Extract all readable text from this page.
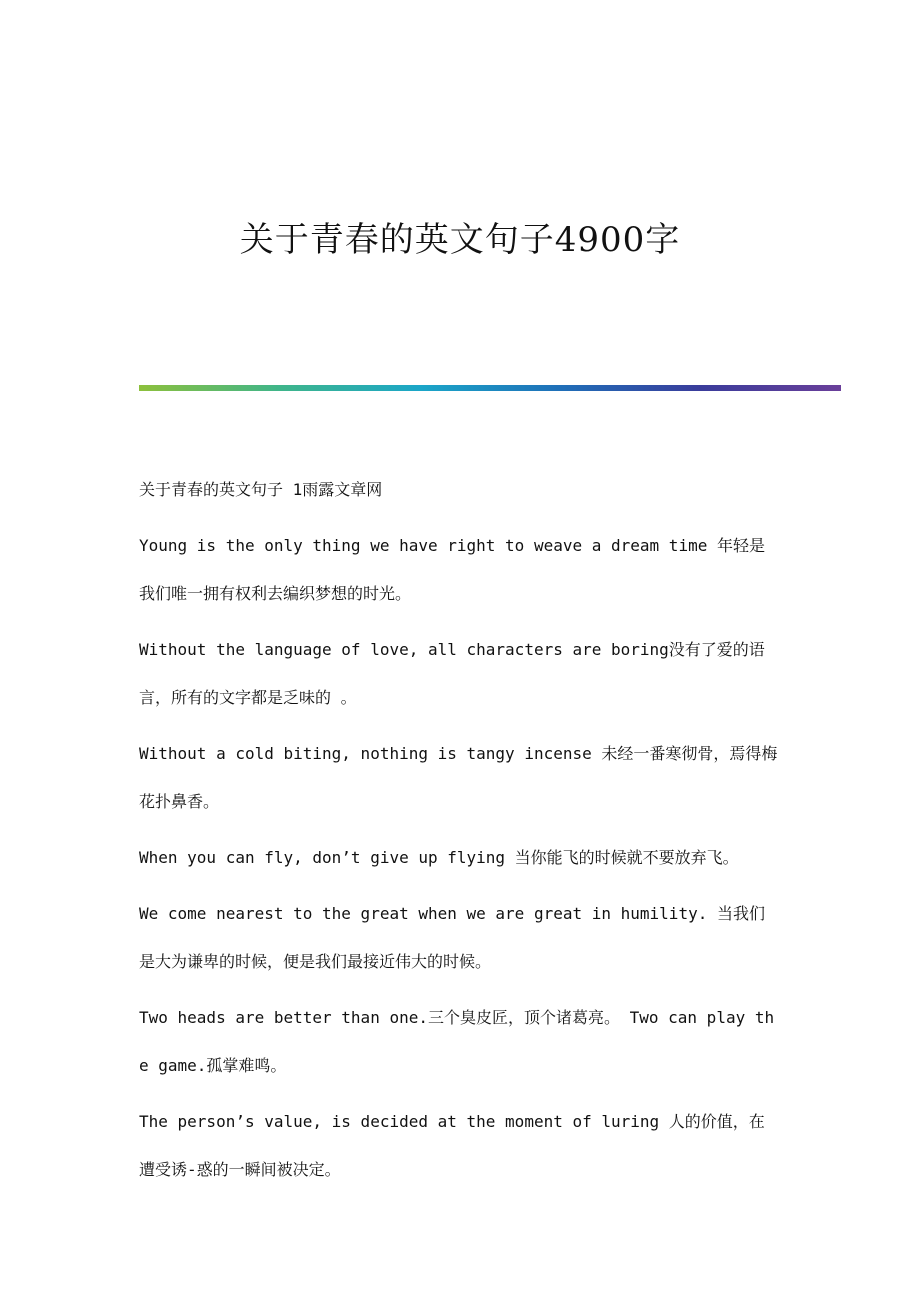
关于青春的英文句子4900字

关于青春的英文句子 1雨露文章网

Young is the only thing we have right to weave a dream time 年轻是我们唯一拥有权利去编织梦想的时光。

Without the language of love, all characters are boring没有了爱的语言，所有的文字都是乏味的 。

Without a cold biting, nothing is tangy incense 未经一番寒彻骨，焉得梅花扑鼻香。

When you can fly, don’t give up flying 当你能飞的时候就不要放弃飞。

We come nearest to the great when we are great in humility. 当我们是大为谦卑的时候，便是我们最接近伟大的时候。

Two heads are better than one.三个臭皮匠，顶个诸葛亮。 Two can play the game.孤掌难鸣。

The person’s value, is decided at the moment of luring 人的价值，在遭受诱-惑的一瞬间被决定。
